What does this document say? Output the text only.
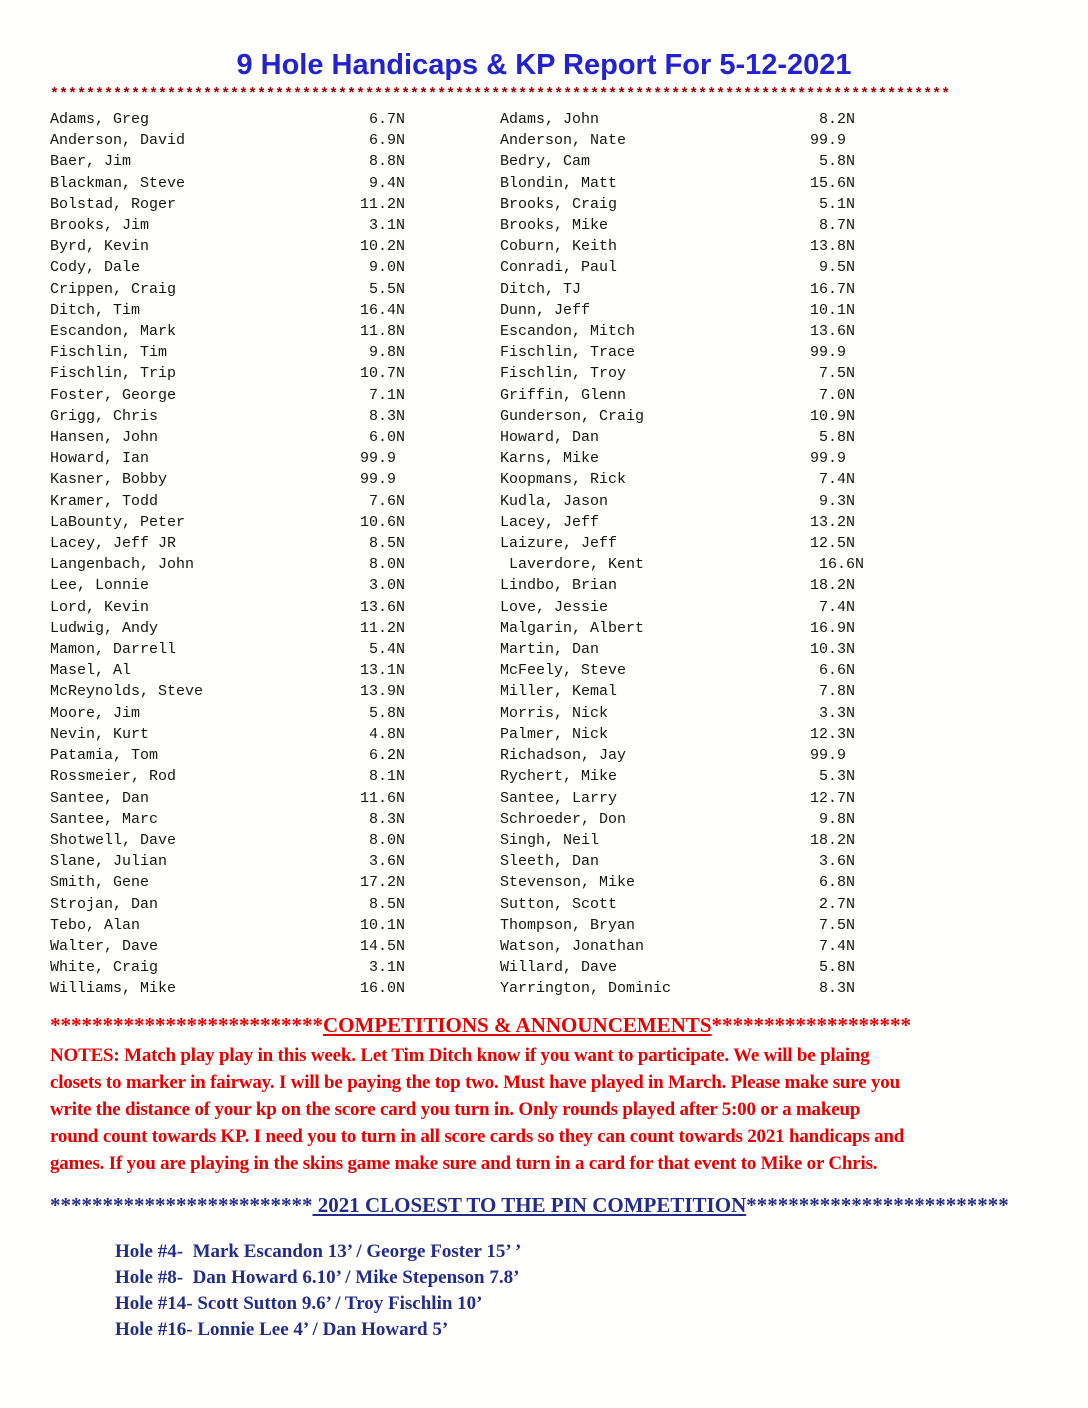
9 Hole Handicaps & KP Report For 5-12-2021
****************************************************************************************************
Adams, Greg	6.7 N
Anderson, David	6.9 N
Baer, Jim	8.8 N
Blackman, Steve	9.4 N
Bolstad, Roger	11.2 N
Brooks, Jim	3.1 N
Byrd, Kevin	10.2 N
Cody, Dale	9.0 N
Crippen, Craig	5.5 N
Ditch, Tim	16.4 N
Escandon, Mark	11.8 N
Fischlin, Tim	9.8 N
Fischlin, Trip	10.7 N
Foster, George	7.1 N
Grigg, Chris	8.3 N
Hansen, John	6.0 N
Howard, Ian	99.9
Kasner, Bobby	99.9
Kramer, Todd	7.6 N
LaBounty, Peter	10.6 N
Lacey, Jeff JR	8.5 N
Langenbach, John	8.0 N
Lee, Lonnie	3.0 N
Lord, Kevin	13.6 N
Ludwig, Andy	11.2 N
Mamon, Darrell	5.4 N
Masel, Al	13.1 N
McReynolds, Steve	13.9 N
Moore, Jim	5.8 N
Nevin, Kurt	4.8 N
Patamia, Tom	6.2 N
Rossmeier, Rod	8.1 N
Santee, Dan	11.6 N
Santee, Marc	8.3 N
Shotwell, Dave	8.0 N
Slane, Julian	3.6 N
Smith, Gene	17.2 N
Strojan, Dan	8.5 N
Tebo, Alan	10.1 N
Walter, Dave	14.5 N
White, Craig	3.1 N
Williams, Mike	16.0 N
Adams, John	8.2 N
Anderson, Nate	99.9
Bedry, Cam	5.8 N
Blondin, Matt	15.6 N
Brooks, Craig	5.1 N
Brooks, Mike	8.7 N
Coburn, Keith	13.8 N
Conradi, Paul	9.5 N
Ditch, TJ	16.7 N
Dunn, Jeff	10.1 N
Escandon, Mitch	13.6 N
Fischlin, Trace	99.9
Fischlin, Troy	7.5 N
Griffin, Glenn	7.0 N
Gunderson, Craig	10.9 N
Howard, Dan	5.8 N
Karns, Mike	99.9
Koopmans, Rick	7.4 N
Kudla, Jason	9.3 N
Lacey, Jeff	13.2 N
Laizure, Jeff	12.5 N
Laverdore, Kent	16.6 N
Lindbo, Brian	18.2 N
Love, Jessie	7.4 N
Malgarin, Albert	16.9 N
Martin, Dan	10.3 N
McFeely, Steve	6.6 N
Miller, Kemal	7.8 N
Morris, Nick	3.3 N
Palmer, Nick	12.3 N
Richadson, Jay	99.9
Rychert, Mike	5.3 N
Santee, Larry	12.7 N
Schroeder, Don	9.8 N
Singh, Neil	18.2 N
Sleeth, Dan	3.6 N
Stevenson, Mike	6.8 N
Sutton, Scott	2.7 N
Thompson, Bryan	7.5 N
Watson, Jonathan	7.4 N
Willard, Dave	5.8 N
Yarrington, Dominic	8.3 N
**************************COMPETITIONS & ANNOUNCEMENTS*******************
NOTES: Match play play in this week. Let Tim Ditch know if you want to participate. We will be plaing
closets to marker in fairway. I will be paying the top two. Must have played in March. Please make sure you
write the distance of your kp on the score card you turn in. Only rounds played after 5:00 or a makeup
round count towards KP. I need you to turn in all score cards so they can count towards 2021 handicaps and
games. If you are playing in the skins game make sure and turn in a card for that event to Mike or Chris.
************************* 2021 CLOSEST TO THE PIN COMPETITION*************************
Hole #4-  Mark Escandon 13’ / George Foster 15’ ’
Hole #8-  Dan Howard 6.10’ / Mike Stepenson 7.8’
Hole #14- Scott Sutton 9.6’ / Troy Fischlin 10’
Hole #16- Lonnie Lee 4’ / Dan Howard 5’
